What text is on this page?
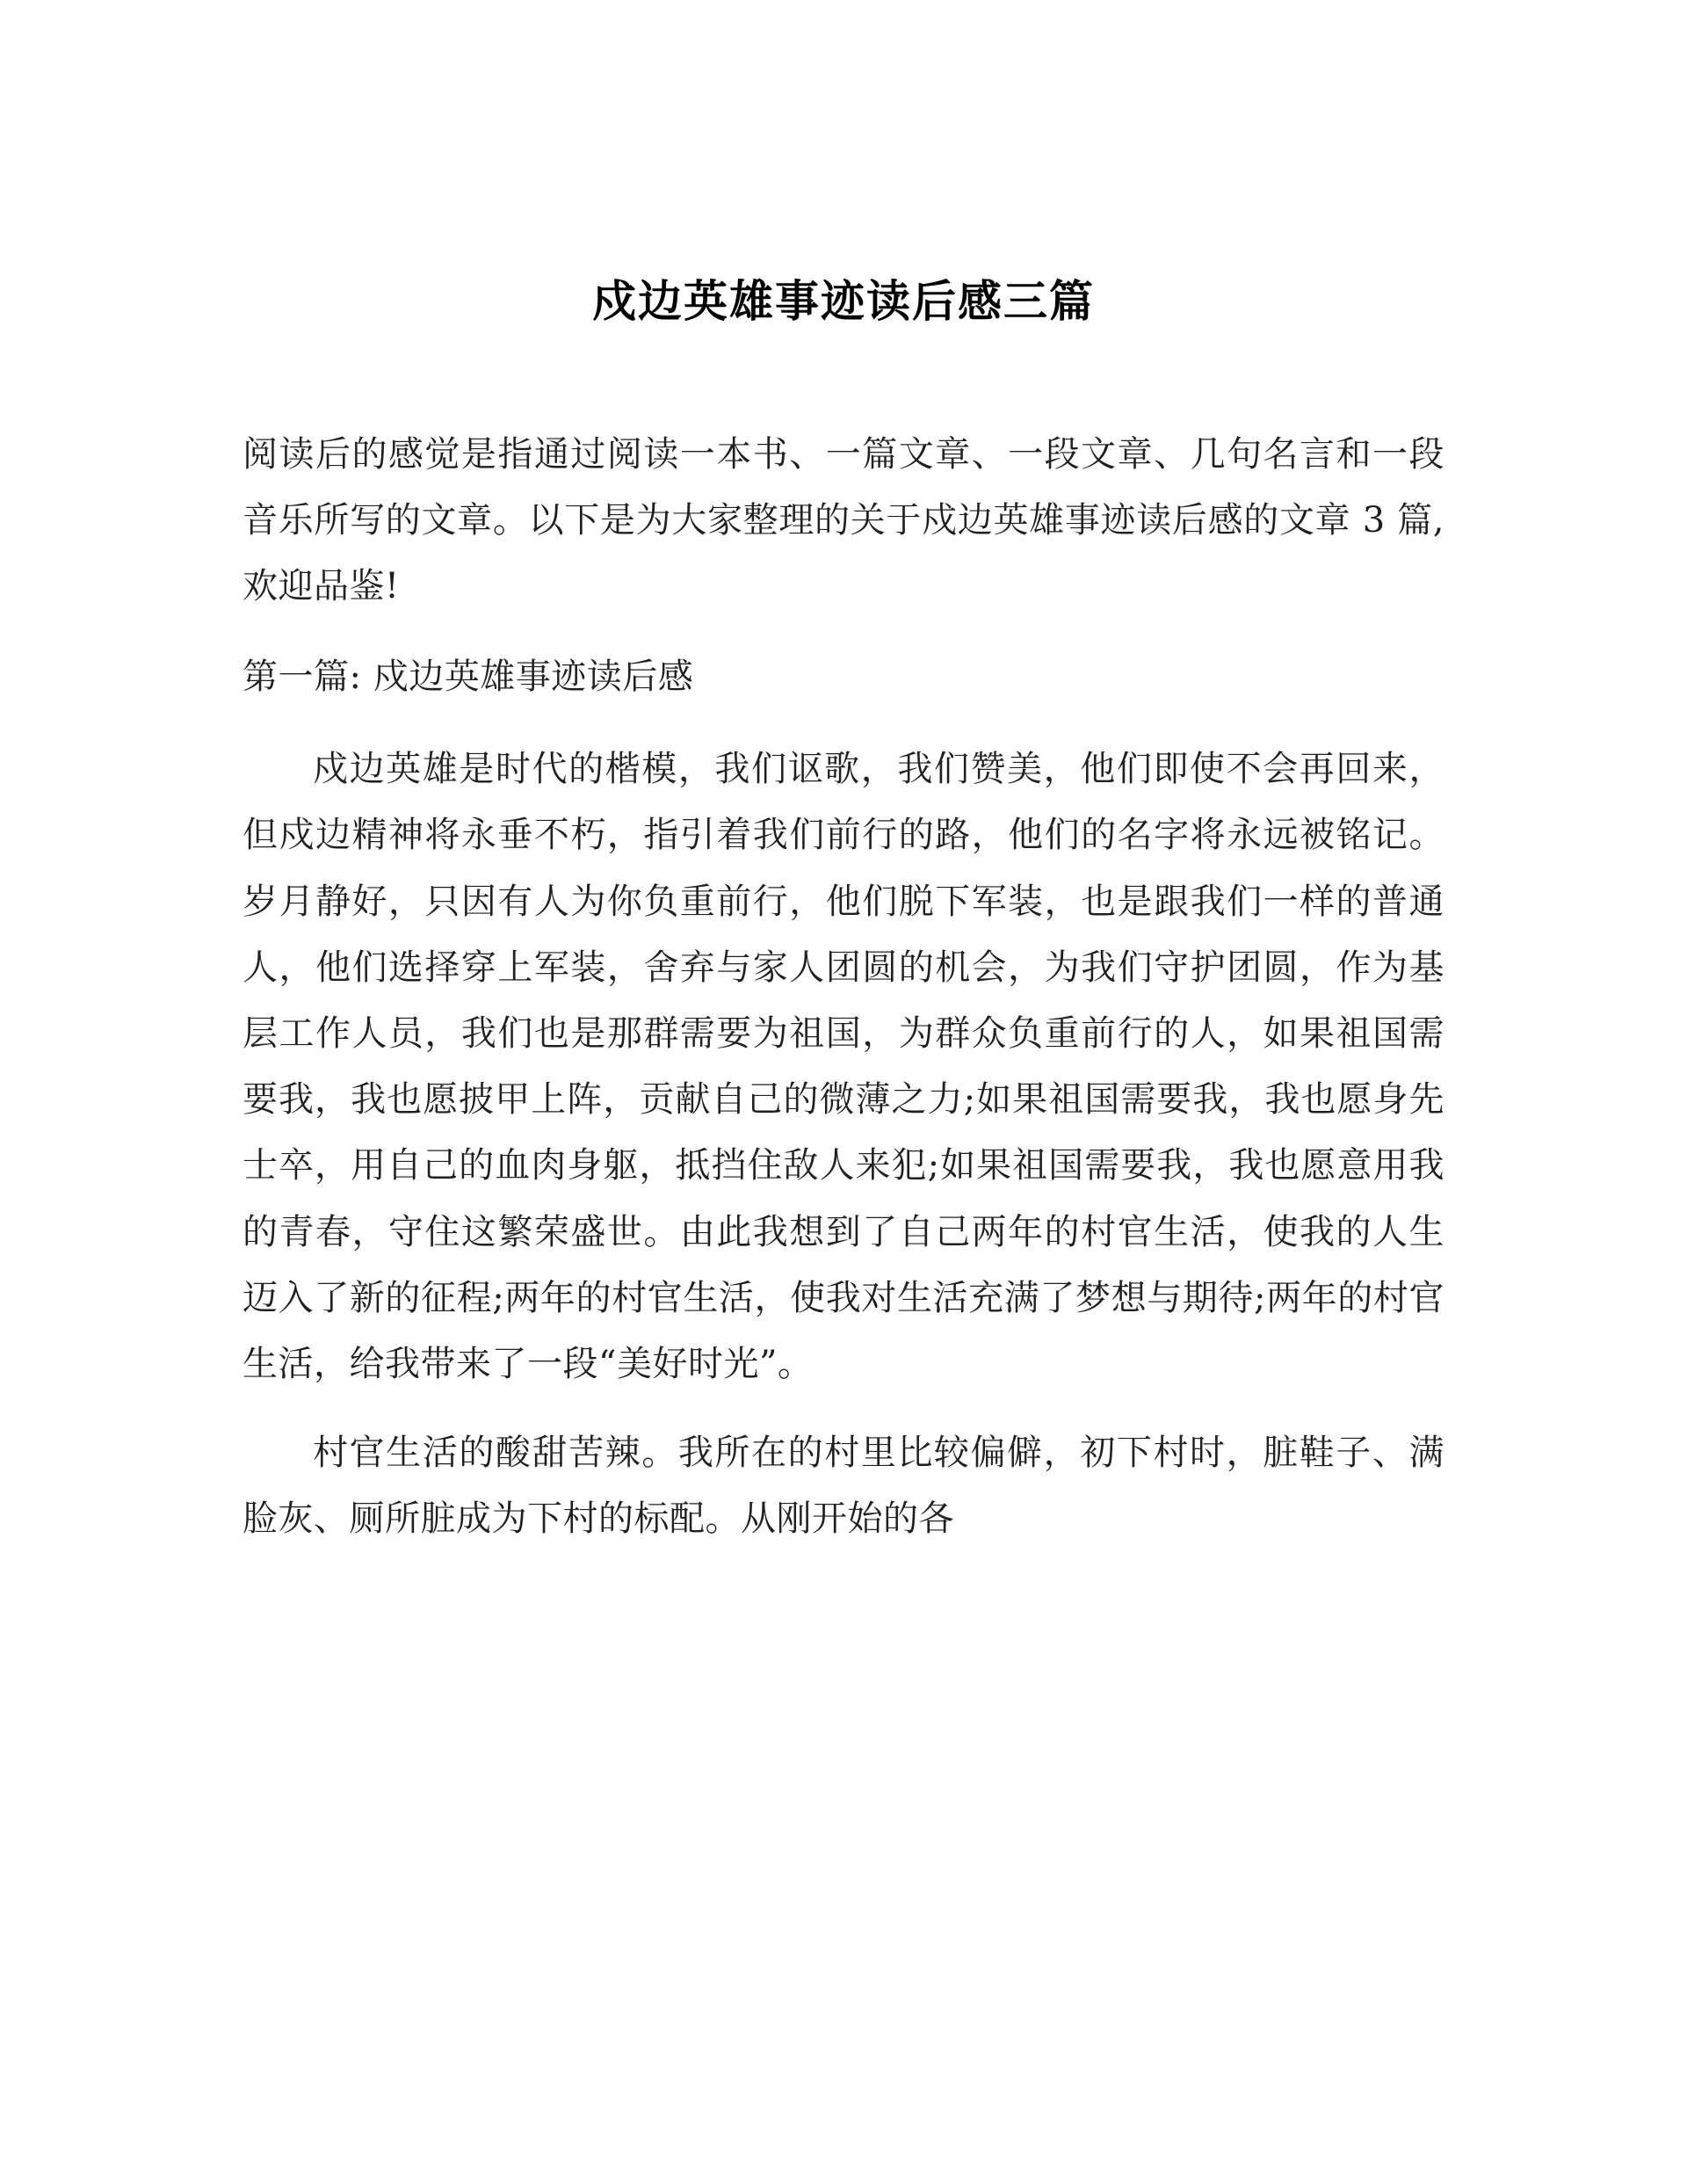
戍边英雄事迹读后感三篇

阅读后的感觉是指通过阅读一本书、一篇文章、一段文章、几句名言和一段音乐所写的文章。以下是为大家整理的关于戍边英雄事迹读后感的文章 3 篇,欢迎品鉴!

第一篇: 戍边英雄事迹读后感

戍边英雄是时代的楷模，我们讴歌，我们赞美，他们即使不会再回来，但戍边精神将永垂不朽，指引着我们前行的路，他们的名字将永远被铭记。岁月静好，只因有人为你负重前行，他们脱下军装，也是跟我们一样的普通人，他们选择穿上军装，舍弃与家人团圆的机会，为我们守护团圆，作为基层工作人员，我们也是那群需要为祖国，为群众负重前行的人，如果祖国需要我，我也愿披甲上阵，贡献自己的微薄之力;如果祖国需要我，我也愿身先士卒，用自己的血肉身躯，抵挡住敌人来犯;如果祖国需要我，我也愿意用我的青春，守住这繁荣盛世。由此我想到了自己两年的村官生活，使我的人生迈入了新的征程;两年的村官生活，使我对生活充满了梦想与期待;两年的村官生活，给我带来了一段“美好时光”。

村官生活的酸甜苦辣。我所在的村里比较偏僻，初下村时，脏鞋子、满脸灰、厕所脏成为下村的标配。从刚开始的各
